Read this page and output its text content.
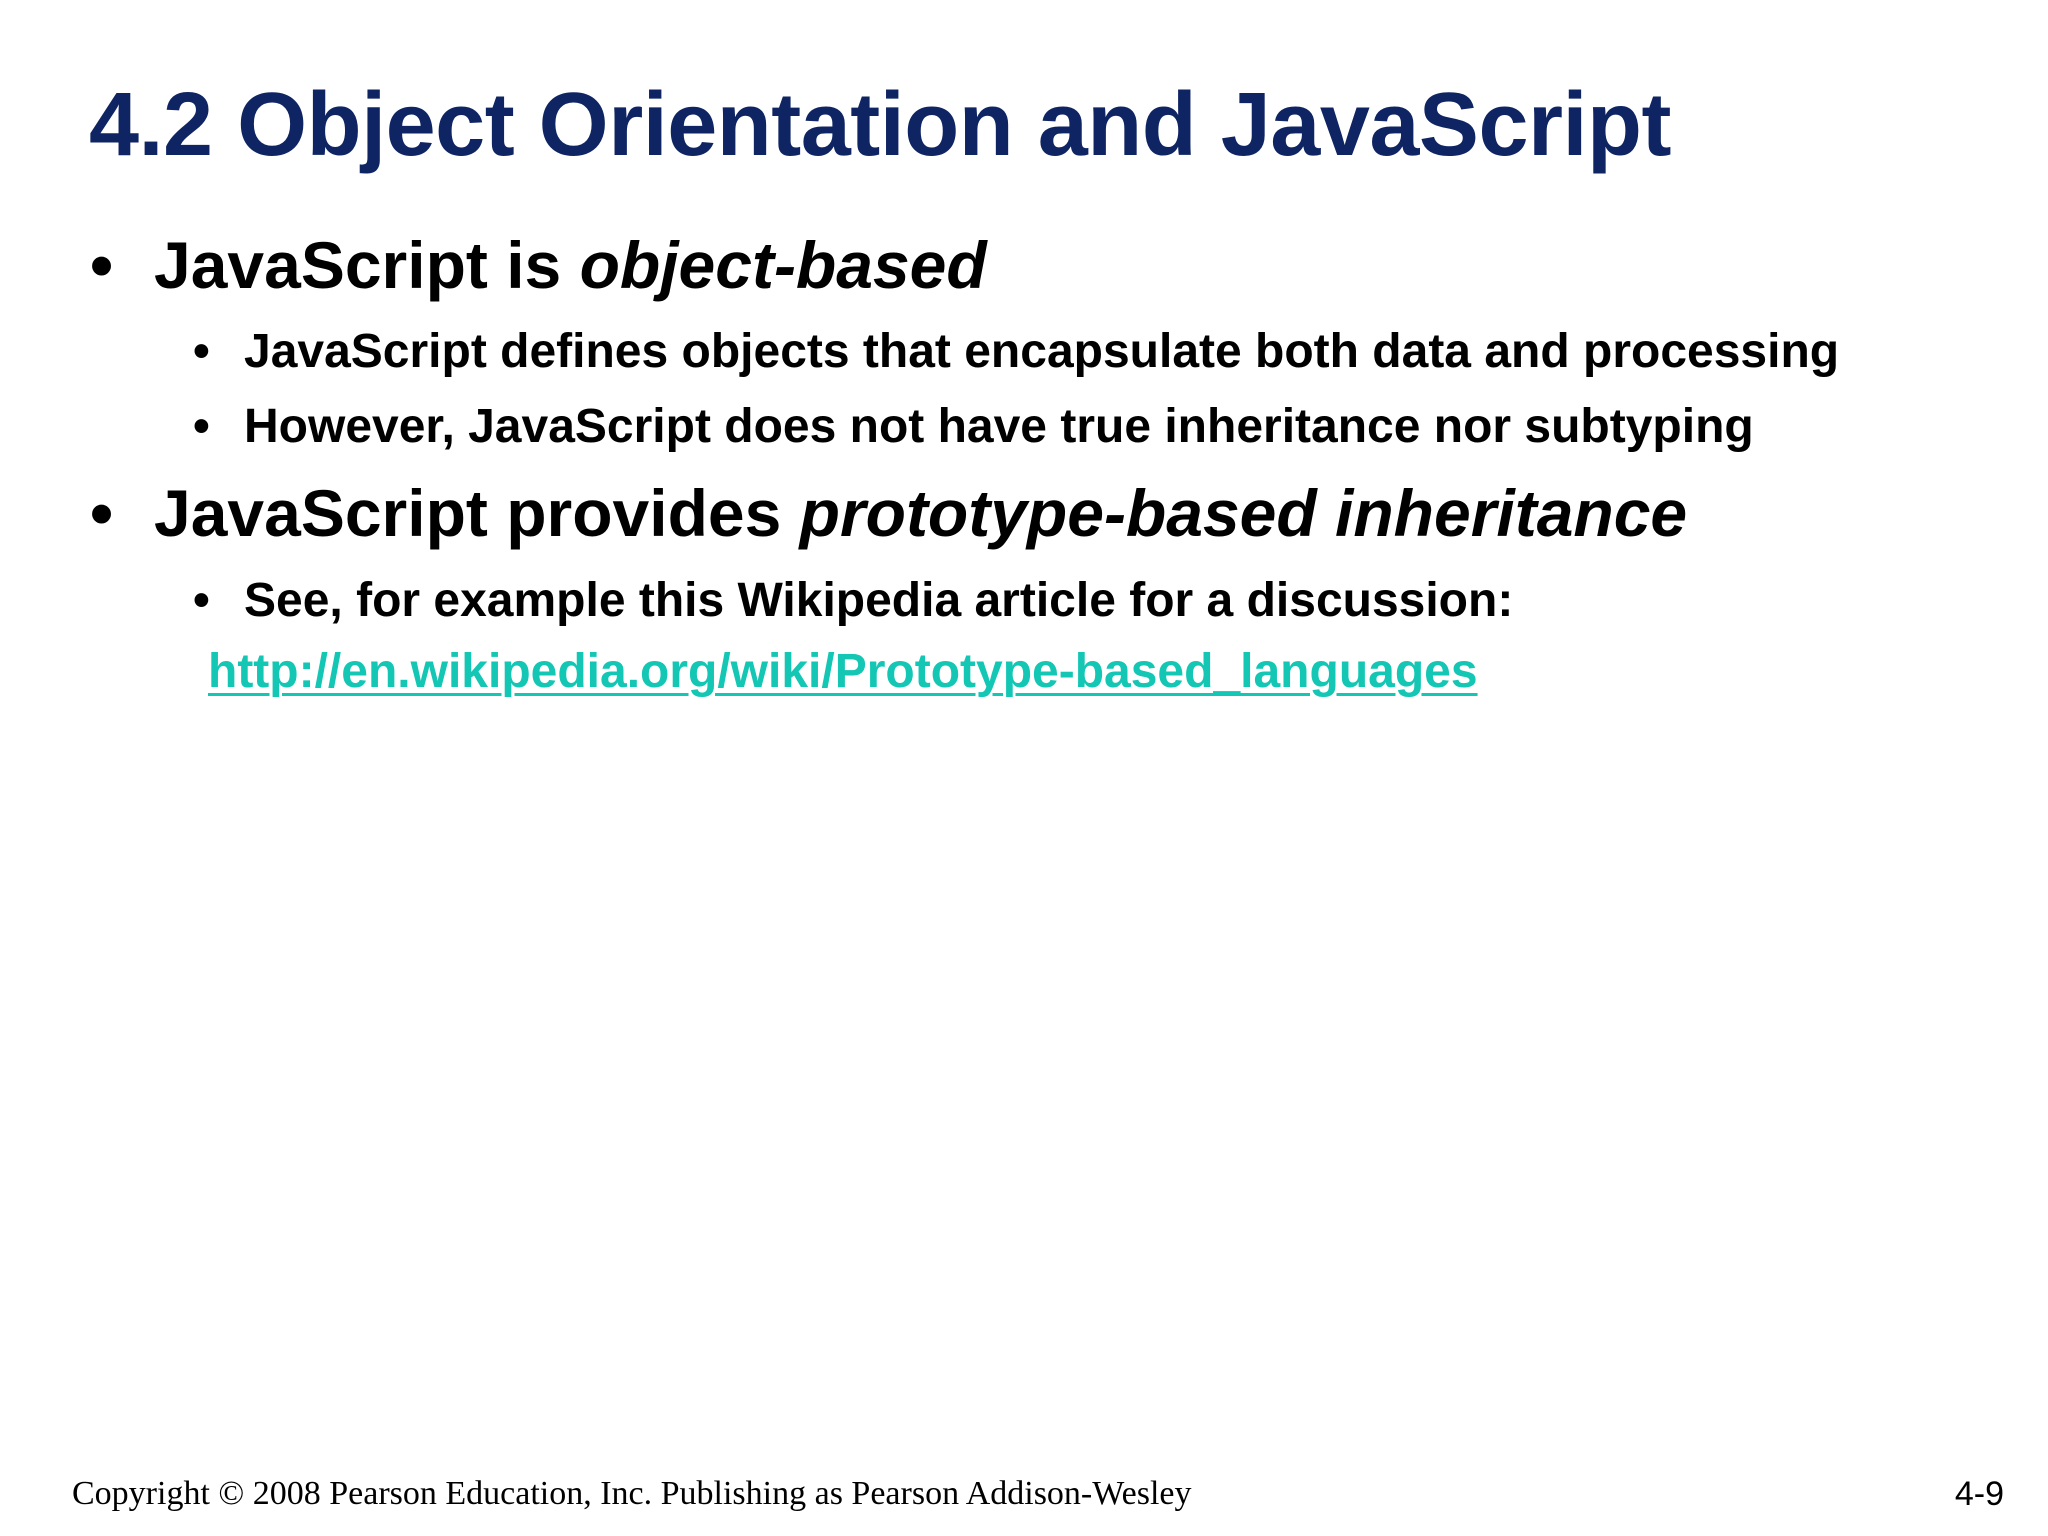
4.2 Object Orientation and JavaScript
• JavaScript is object-based
• JavaScript defines objects that encapsulate both data and processing
• However, JavaScript does not have true inheritance nor subtyping
• JavaScript provides prototype-based inheritance
• See, for example this Wikipedia article for a discussion:
http://en.wikipedia.org/wiki/Prototype-based_languages
Copyright © 2008 Pearson Education, Inc. Publishing as Pearson Addison-Wesley	4-9
